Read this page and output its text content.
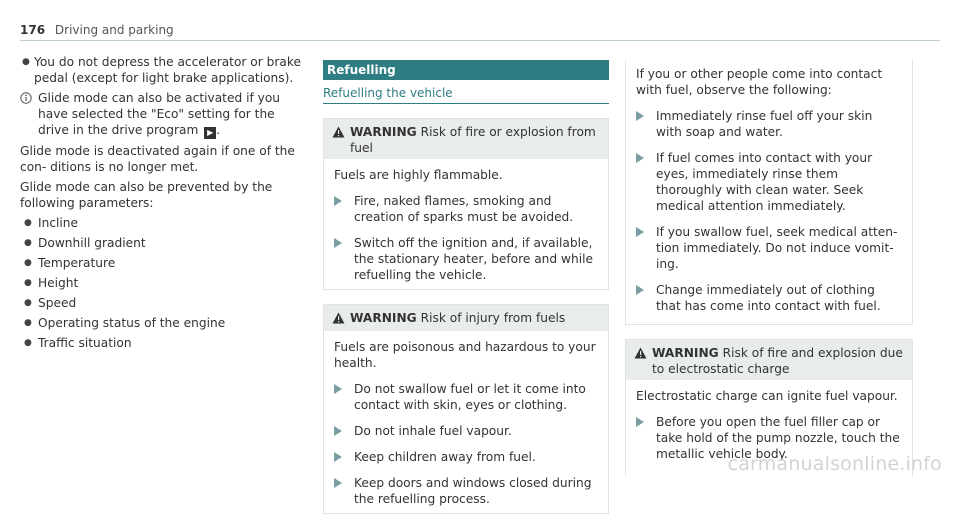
176 Driving and parking
● You do not depress the accelerator or brake pedal (except for light brake applications).
Glide mode can also be activated if you have selected the "Eco" setting for the drive in the drive program ▶ .
Glide mode is deactivated again if one of the con- ditions is no longer met.
Glide mode can also be prevented by the following parameters:
● Incline
● Downhill gradient
● Temperature
● Height
● Speed
● Operating status of the engine
● Traffic situation
Refuelling
Refuelling the vehicle
WARNING Risk of fire or explosion from fuel
Fuels are highly flammable.
Fire, naked flames, smoking and creation of sparks must be avoided.
Switch off the ignition and, if available, the stationary heater, before and while refuelling the vehicle.
WARNING Risk of injury from fuels
Fuels are poisonous and hazardous to your health.
Do not swallow fuel or let it come into contact with skin, eyes or clothing.
Do not inhale fuel vapour.
Keep children away from fuel.
Keep doors and windows closed during the refuelling process.
If you or other people come into contact with fuel, observe the following:
Immediately rinse fuel off your skin with soap and water.
If fuel comes into contact with your eyes, immediately rinse them thoroughly with clean water. Seek medical attention immediately.
If you swallow fuel, seek medical atten- tion immediately. Do not induce vomit- ing.
Change immediately out of clothing that has come into contact with fuel.
WARNING Risk of fire and explosion due to electrostatic charge
Electrostatic charge can ignite fuel vapour.
Before you open the fuel filler cap or take hold of the pump nozzle, touch the metallic vehicle body.
carmanualsonline.info
